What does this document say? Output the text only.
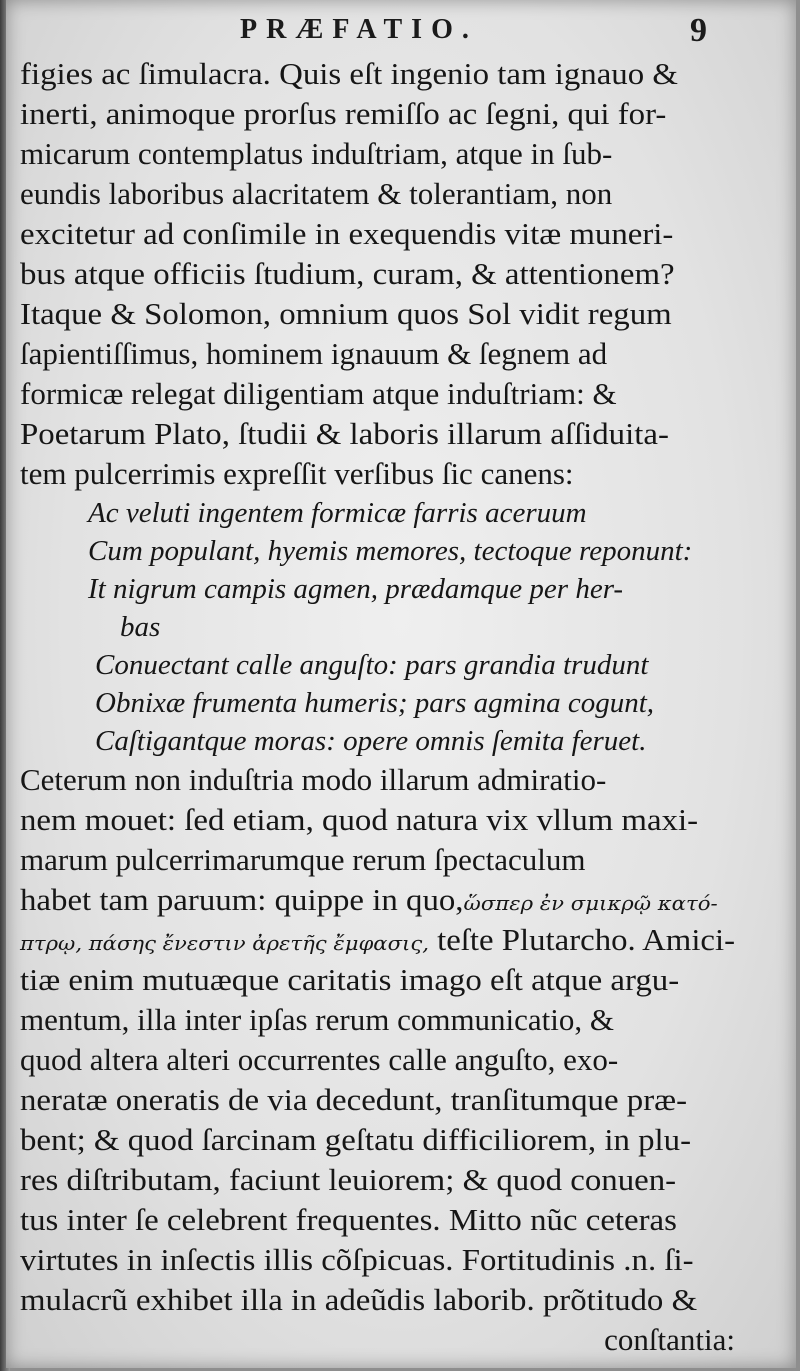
PRÆFATIO.	9
figies ac ſimulacra. Quis eſt ingenio tam ignauo &
inerti, animoque prorſus remiſſo ac ſegni, qui for-
micarum contemplatus induſtriam, atque in ſub-
eundis laboribus alacritatem & tolerantiam, non
excitetur ad conſimile in exequendis vitæ muneri-
bus atque officiis ſtudium, curam, & attentionem?
Itaque & Solomon, omnium quos Sol vidit regum
ſapientiſſimus, hominem ignauum & ſegnem ad
formicæ relegat diligentiam atque induſtriam: &
Poetarum Plato, ſtudii & laboris illarum aſſiduita-
tem pulcerrimis expreſſit verſibus ſic canens:
Ac veluti ingentem formicæ farris aceruum
Cum populant, hyemis memores, tectoque reponunt:
It nigrum campis agmen, prædamque per her-
bas
Conuectant calle anguſto: pars grandia trudunt
Obnixæ frumenta humeris; pars agmina cogunt,
Caſtigantque moras: opere omnis ſemita feruet.
Ceterum non induſtria modo illarum admiratio-
nem mouet: ſed etiam, quod natura vix vllum maxi-
marum pulcerrimarumque rerum ſpectaculum
habet tam paruum: quippe in quo,ὥσπερ ἐν σμικρῷ κατό-
πτρῳ, πάσης ἔνεστιν ἀρετῆς ἔμφασις, teſte Plutarcho. Amici-
tiæ enim mutuæque caritatis imago eſt atque argu-
mentum, illa inter ipſas rerum communicatio, &
quod altera alteri occurrentes calle anguſto, exo-
neratæ oneratis de via decedunt, tranſitumque præ-
bent; & quod ſarcinam geſtatu difficiliorem, in plu-
res diſtributam, faciunt leuiorem; & quod conuen-
tus inter ſe celebrent frequentes. Mitto nũc ceteras
virtutes in inſectis illis cõſpicuas. Fortitudinis .n. ſi-
mulacrũ exhibet illa in adeũdis laborib. prõtitudo &
conſtantia:
